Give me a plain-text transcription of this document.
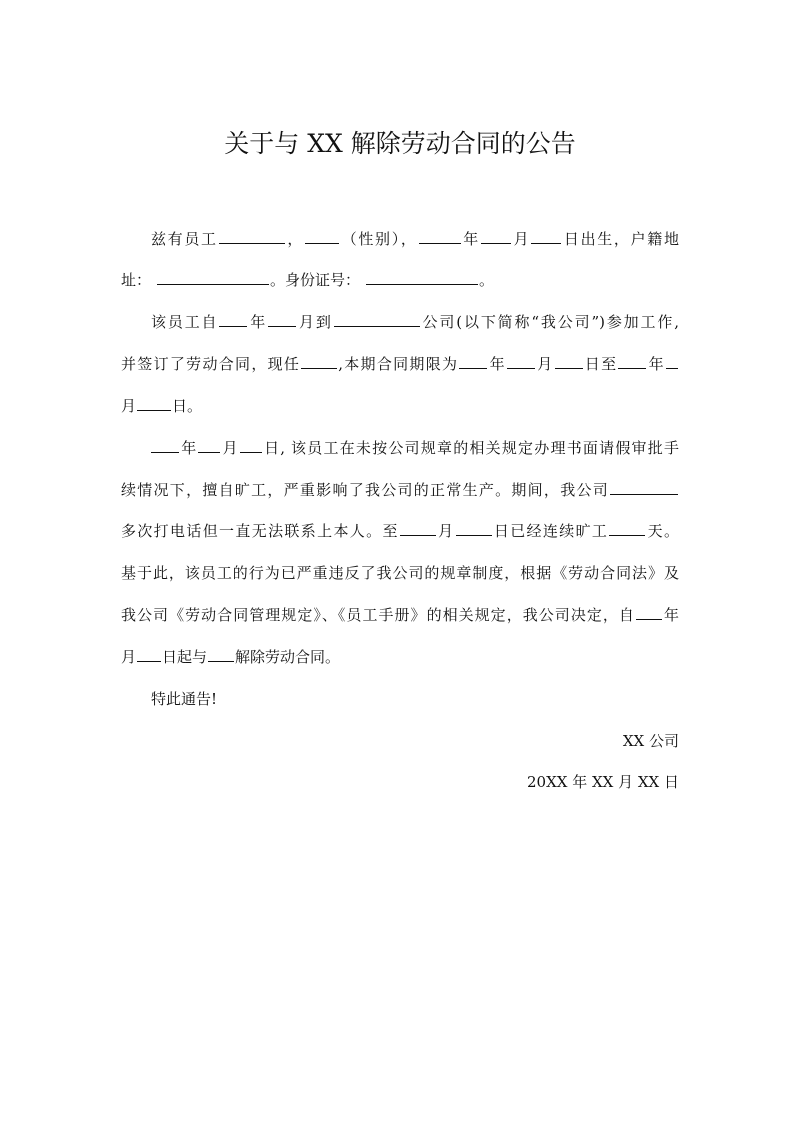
关于与 XX 解除劳动合同的公告
兹有员工	， （性别），	年 月 日出生，户籍地
址：	。身份证号：	。
该员工自 年 月到	公司(以下简称“我公司”)参加工作,
并签订了劳动合同，现任	,本期合同期限为 年 月 日至 年
月 日。
年 月 日, 该员工在未按公司规章的相关规定办理书面请假审批手
续情况下，擅自旷工，严重影响了我公司的正常生产。期间，我公司
多次打电话但一直无法联系上本人。至	月	日已经连续旷工	天。
基于此，该员工的行为已严重违反了我公司的规章制度，根据《劳动合同法》及
我公司《劳动合同管理规定》、《员工手册》的相关规定，我公司决定，自 年
月 日起与 解除劳动合同。
特此通告!
XX 公司
20XX 年 XX 月 XX 日
